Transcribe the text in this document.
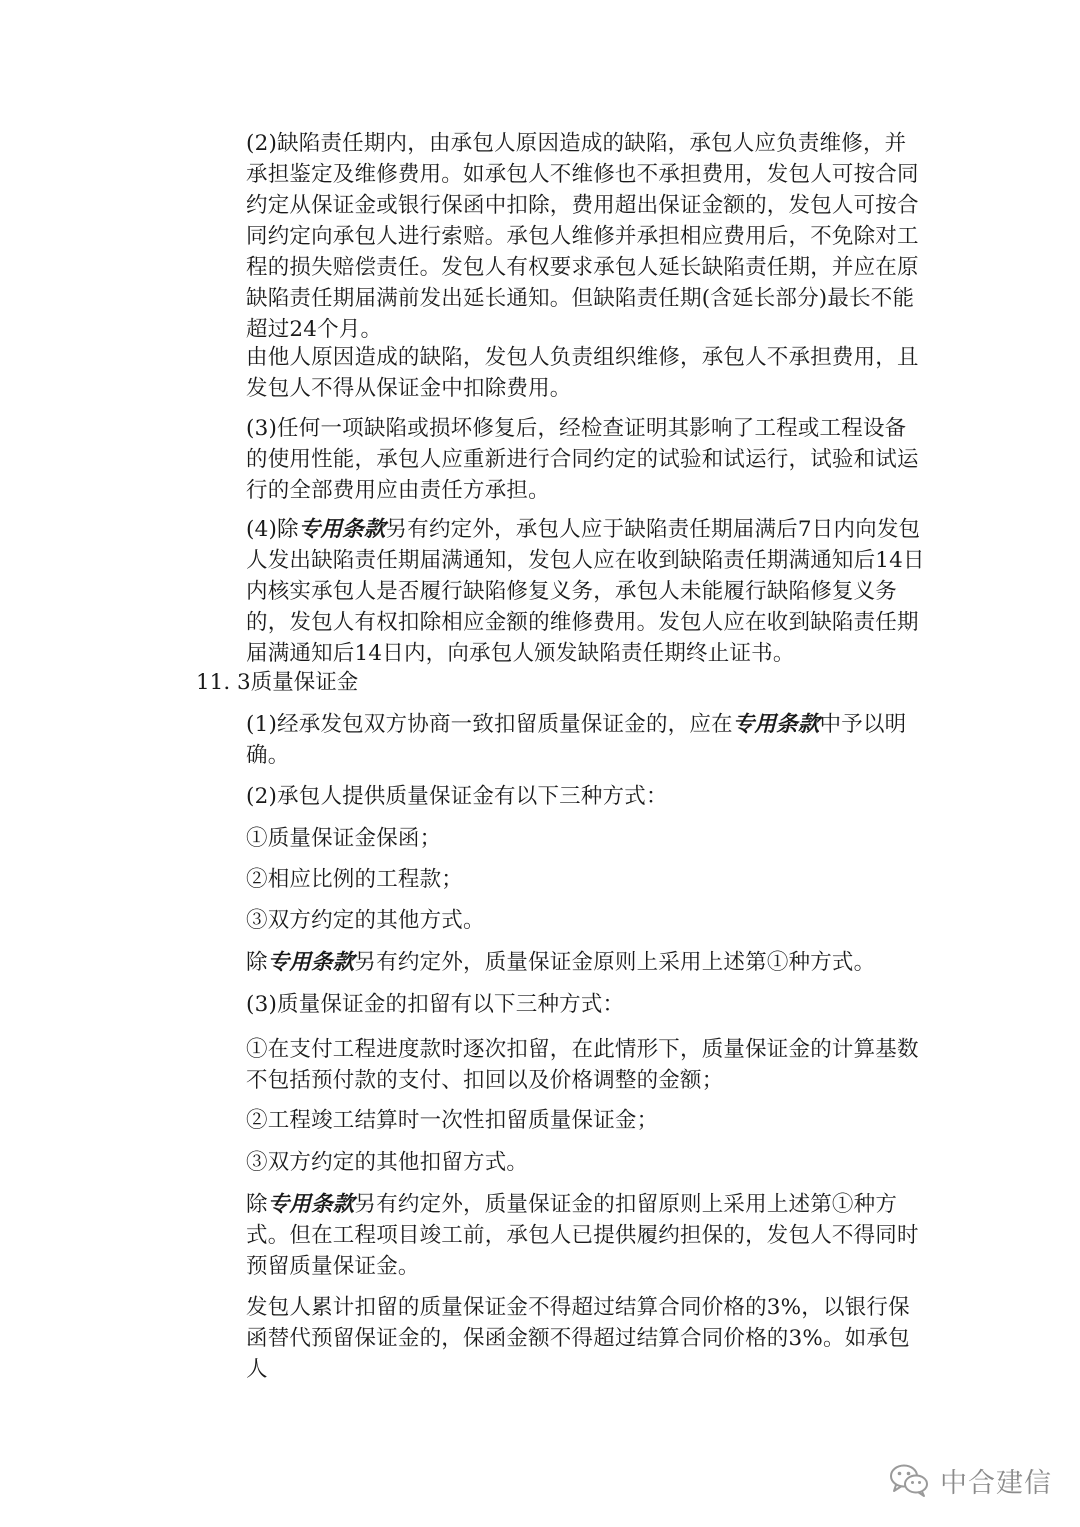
(2)缺陷责任期内，由承包人原因造成的缺陷，承包人应负责维修，并承担鉴定及维修费用。如承包人不维修也不承担费用，发包人可按合同约定从保证金或银行保函中扣除，费用超出保证金额的，发包人可按合同约定向承包人进行索赔。承包人维修并承担相应费用后，不免除对工程的损失赔偿责任。发包人有权要求承包人延长缺陷责任期，并应在原缺陷责任期届满前发出延长通知。但缺陷责任期(含延长部分)最长不能超过24个月。

由他人原因造成的缺陷，发包人负责组织维修，承包人不承担费用，且发包人不得从保证金中扣除费用。

(3)任何一项缺陷或损坏修复后，经检查证明其影响了工程或工程设备的使用性能，承包人应重新进行合同约定的试验和试运行，试验和试运行的全部费用应由责任方承担。

(4)除专用条款另有约定外，承包人应于缺陷责任期届满后7日内向发包人发出缺陷责任期届满通知，发包人应在收到缺陷责任期满通知后14日内核实承包人是否履行缺陷修复义务，承包人未能履行缺陷修复义务的，发包人有权扣除相应金额的维修费用。发包人应在收到缺陷责任期届满通知后14日内，向承包人颁发缺陷责任期终止证书。

11. 3质量保证金

(1)经承发包双方协商一致扣留质量保证金的，应在专用条款中予以明确。

(2)承包人提供质量保证金有以下三种方式：

①质量保证金保函；

②相应比例的工程款；

③双方约定的其他方式。

除专用条款另有约定外，质量保证金原则上采用上述第①种方式。

(3)质量保证金的扣留有以下三种方式：

①在支付工程进度款时逐次扣留，在此情形下，质量保证金的计算基数不包括预付款的支付、扣回以及价格调整的金额；

②工程竣工结算时一次性扣留质量保证金；

③双方约定的其他扣留方式。

除专用条款另有约定外，质量保证金的扣留原则上采用上述第①种方式。但在工程项目竣工前，承包人已提供履约担保的，发包人不得同时预留质量保证金。

发包人累计扣留的质量保证金不得超过结算合同价格的3%，以银行保函替代预留保证金的，保函金额不得超过结算合同价格的3%。如承包人

中合建信
